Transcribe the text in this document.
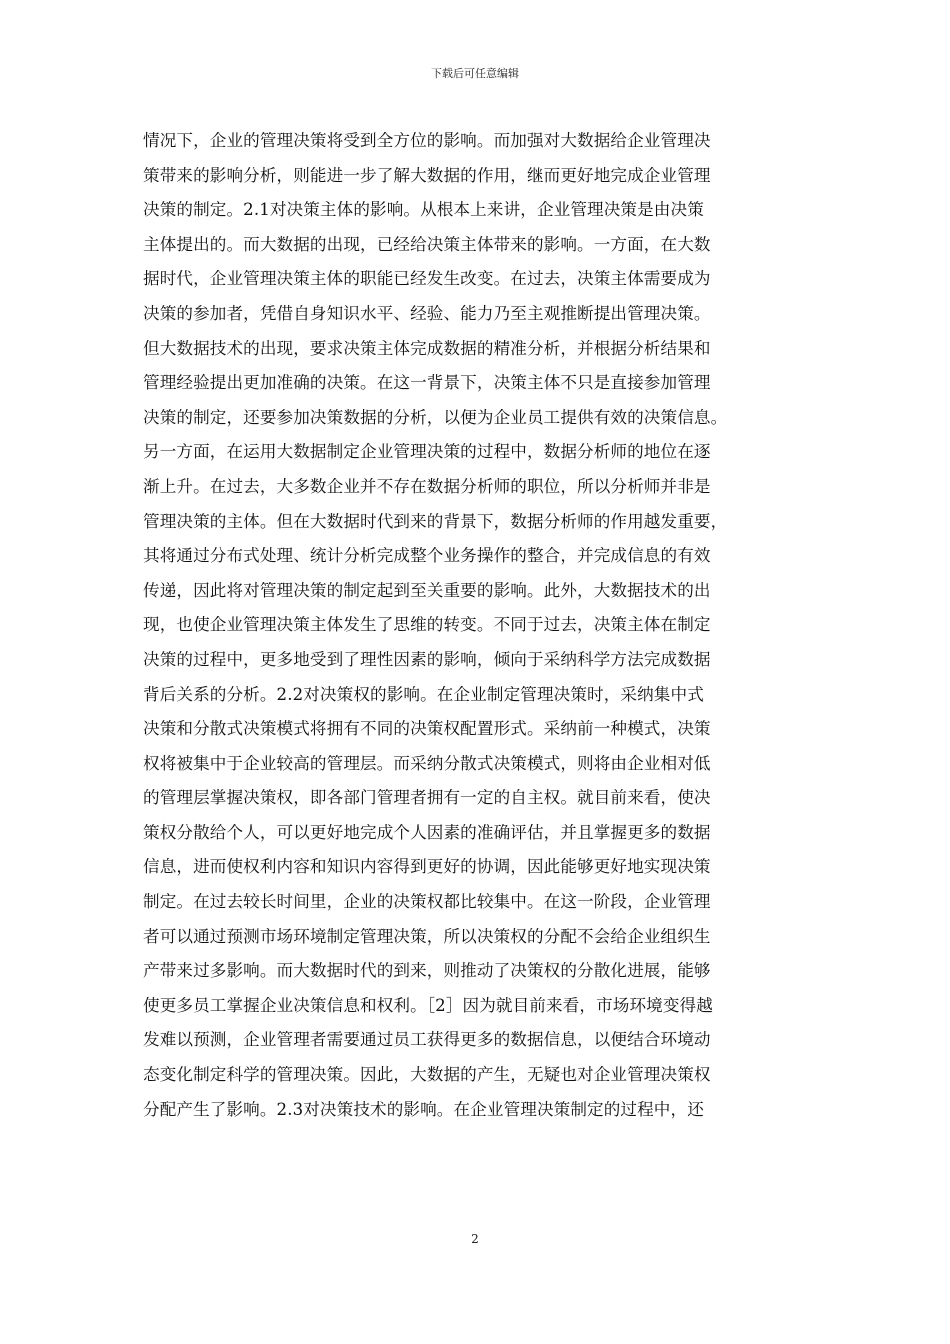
下载后可任意编辑
情况下，企业的管理决策将受到全方位的影响。而加强对大数据给企业管理决
策带来的影响分析，则能进一步了解大数据的作用，继而更好地完成企业管理
决策的制定。2.1对决策主体的影响。从根本上来讲，企业管理决策是由决策
主体提出的。而大数据的出现，已经给决策主体带来的影响。一方面，在大数
据时代，企业管理决策主体的职能已经发生改变。在过去，决策主体需要成为
决策的参加者，凭借自身知识水平、经验、能力乃至主观推断提出管理决策。
但大数据技术的出现，要求决策主体完成数据的精准分析，并根据分析结果和
管理经验提出更加准确的决策。在这一背景下，决策主体不只是直接参加管理
决策的制定，还要参加决策数据的分析，以便为企业员工提供有效的决策信息。
另一方面，在运用大数据制定企业管理决策的过程中，数据分析师的地位在逐
渐上升。在过去，大多数企业并不存在数据分析师的职位，所以分析师并非是
管理决策的主体。但在大数据时代到来的背景下，数据分析师的作用越发重要，
其将通过分布式处理、统计分析完成整个业务操作的整合，并完成信息的有效
传递，因此将对管理决策的制定起到至关重要的影响。此外，大数据技术的出
现，也使企业管理决策主体发生了思维的转变。不同于过去，决策主体在制定
决策的过程中，更多地受到了理性因素的影响，倾向于采纳科学方法完成数据
背后关系的分析。2.2对决策权的影响。在企业制定管理决策时，采纳集中式
决策和分散式决策模式将拥有不同的决策权配置形式。采纳前一种模式，决策
权将被集中于企业较高的管理层。而采纳分散式决策模式，则将由企业相对低
的管理层掌握决策权，即各部门管理者拥有一定的自主权。就目前来看，使决
策权分散给个人，可以更好地完成个人因素的准确评估，并且掌握更多的数据
信息，进而使权利内容和知识内容得到更好的协调，因此能够更好地实现决策
制定。在过去较长时间里，企业的决策权都比较集中。在这一阶段，企业管理
者可以通过预测市场环境制定管理决策，所以决策权的分配不会给企业组织生
产带来过多影响。而大数据时代的到来，则推动了决策权的分散化进展，能够
使更多员工掌握企业决策信息和权利。［2］因为就目前来看，市场环境变得越
发难以预测，企业管理者需要通过员工获得更多的数据信息，以便结合环境动
态变化制定科学的管理决策。因此，大数据的产生，无疑也对企业管理决策权
分配产生了影响。2.3对决策技术的影响。在企业管理决策制定的过程中，还
2
